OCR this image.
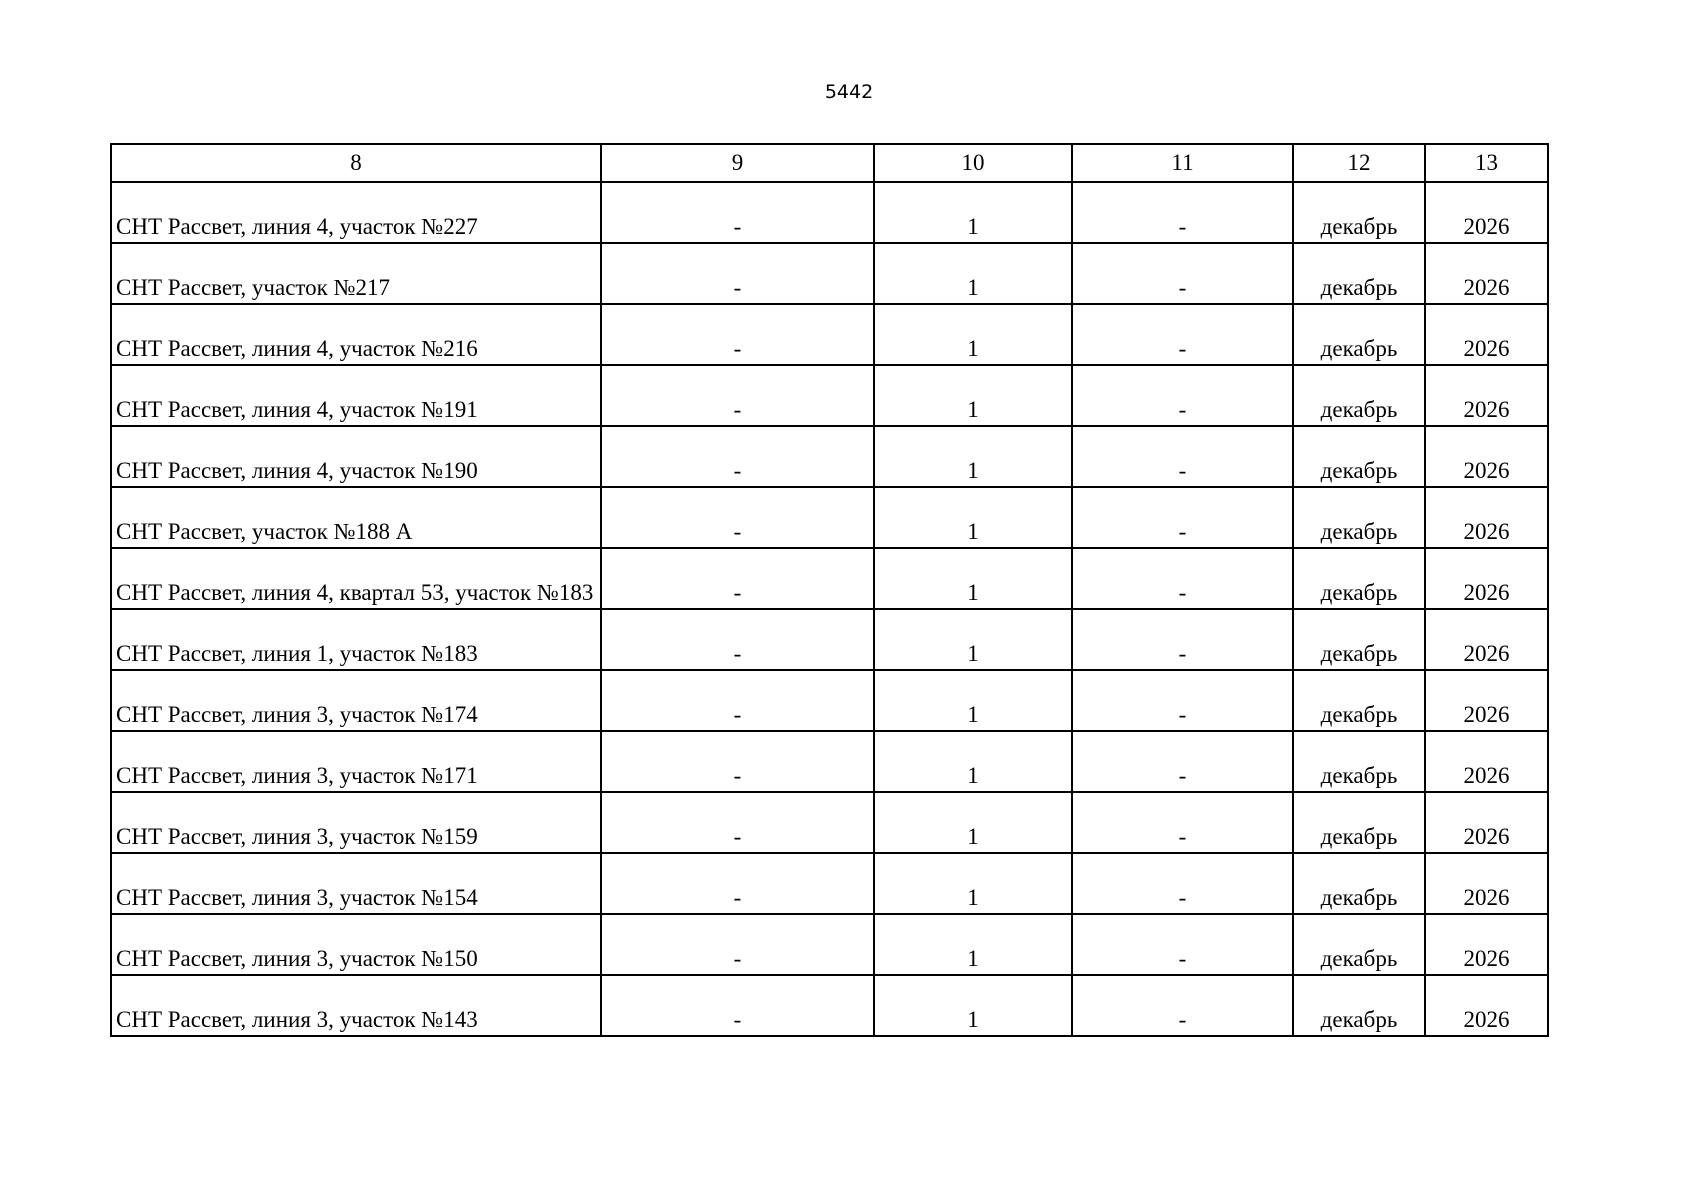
5442
8	9	10	11	12	13
СНТ Рассвет, линия 4, участок №227	-	1	-	декабрь	2026
СНТ Рассвет, участок №217	-	1	-	декабрь	2026
СНТ Рассвет, линия 4, участок №216	-	1	-	декабрь	2026
СНТ Рассвет, линия 4, участок №191	-	1	-	декабрь	2026
СНТ Рассвет, линия 4, участок №190	-	1	-	декабрь	2026
СНТ Рассвет, участок №188 А	-	1	-	декабрь	2026
СНТ Рассвет, линия 4, квартал 53, участок №183	-	1	-	декабрь	2026
СНТ Рассвет, линия 1, участок №183	-	1	-	декабрь	2026
СНТ Рассвет, линия 3, участок №174	-	1	-	декабрь	2026
СНТ Рассвет, линия 3, участок №171	-	1	-	декабрь	2026
СНТ Рассвет, линия 3, участок №159	-	1	-	декабрь	2026
СНТ Рассвет, линия 3, участок №154	-	1	-	декабрь	2026
СНТ Рассвет, линия 3, участок №150	-	1	-	декабрь	2026
СНТ Рассвет, линия 3, участок №143	-	1	-	декабрь	2026
